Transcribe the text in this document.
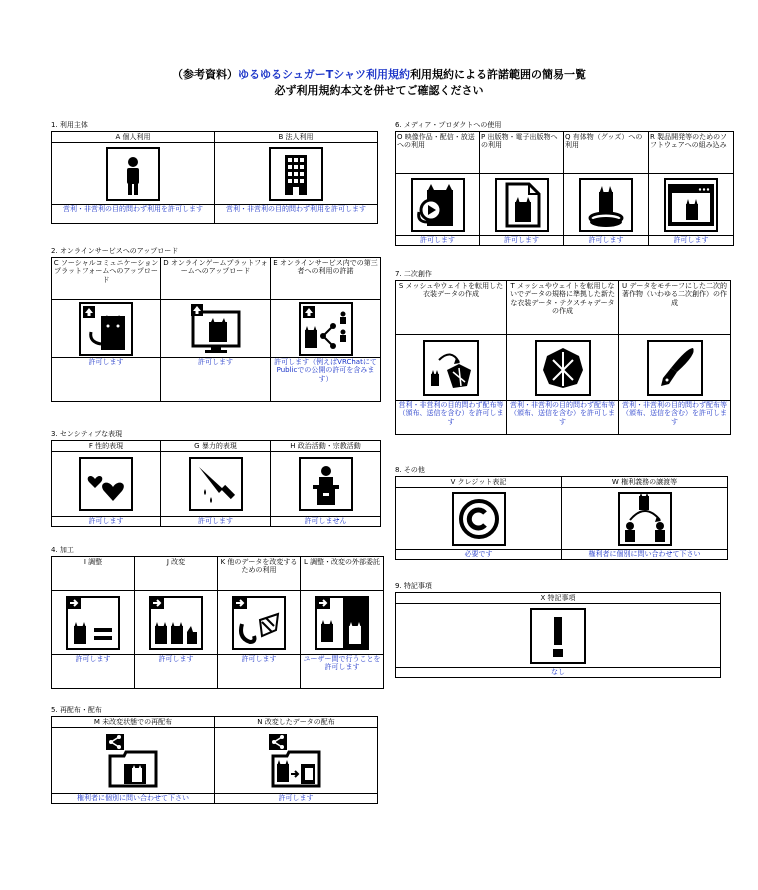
（参考資料）ゆるゆるシュガーTシャツ利用規約利用規約による許諾範囲の簡易一覧
必ず利用規約本文を併せてご確認ください
1. 利用主体
A 個人利用	B 法人利用

営利・非営利の目的問わず利用を許可します	営利・非営利の目的問わず利用を許可します
2. オンラインサービスへのアップロード
C ソーシャルコミュニケーションプラットフォームへのアップロード	D オンラインゲームプラットフォームへのアップロード	E オンラインサービス内での第三者への利用の許諾

許可します	許可します	許可します（例えばVRChatにてPublicでの公開の許可を含みます）
3. センシティブな表現
F 性的表現	G 暴力的表現	H 政治活動・宗教活動

許可します	許可します	許可しません
4. 加工
I 調整	J 改変	K 他のデータを改変するための利用	L 調整・改変の外部委託

許可します	許可します	許可します	ユーザー間で行うことを許可します
5. 再配布・配布
M 未改変状態での再配布	N 改変したデータの配布

権利者に個別に問い合わせて下さい	許可します
6. メディア・プロダクトへの使用
O 映像作品・配信・放送への利用	P 出版物・電子出版物への利用	Q 有体物（グッズ）への利用	R 製品開発等のためのソフトウェアへの組み込み

許可します	許可します	許可します	許可します
7. 二次創作
S メッシュやウェイトを転用した衣装データの作成	T メッシュやウェイトを転用しないでデータの規格に準拠した新たな衣装データ・テクスチャデータの作成	U データをモチーフにした二次的著作物（いわゆる二次創作）の作成

営利・非営利の目的問わず配布等（頒布、送信を含む）を許可します	営利・非営利の目的問わず配布等（頒布、送信を含む）を許可します	営利・非営利の目的問わず配布等（頒布、送信を含む）を許可します
8. その他
V クレジット表記	W 権利義務の譲渡等

必要です	権利者に個別に問い合わせて下さい
9. 特記事項
X 特記事項

なし
